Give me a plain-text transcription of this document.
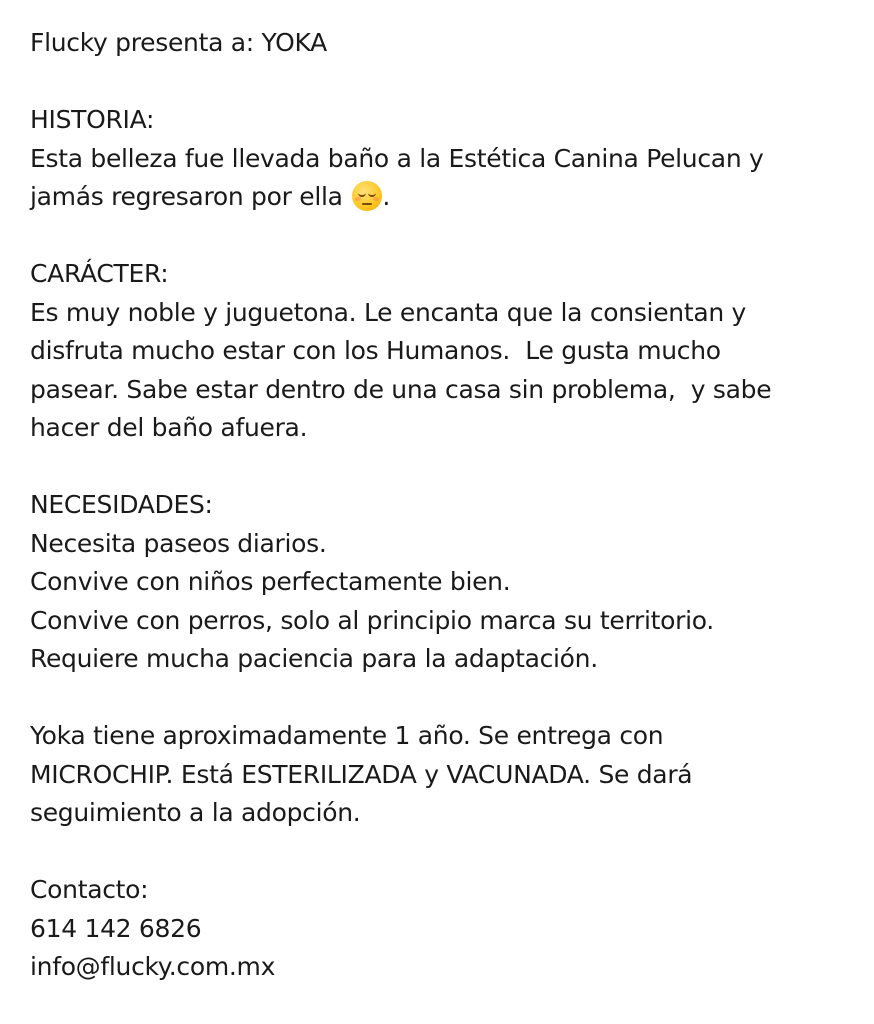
Flucky presenta a: YOKA
HISTORIA:
Esta belleza fue llevada baño a la Estética Canina Pelucan y
jamás regresaron por ella .
CARÁCTER:
Es muy noble y juguetona. Le encanta que la consientan y
disfruta mucho estar con los Humanos.  Le gusta mucho
pasear. Sabe estar dentro de una casa sin problema,  y sabe
hacer del baño afuera.
NECESIDADES:
Necesita paseos diarios.
Convive con niños perfectamente bien.
Convive con perros, solo al principio marca su territorio.
Requiere mucha paciencia para la adaptación.
Yoka tiene aproximadamente 1 año. Se entrega con
MICROCHIP. Está ESTERILIZADA y VACUNADA. Se dará
seguimiento a la adopción.
Contacto:
614 142 6826
info@flucky.com.mx
